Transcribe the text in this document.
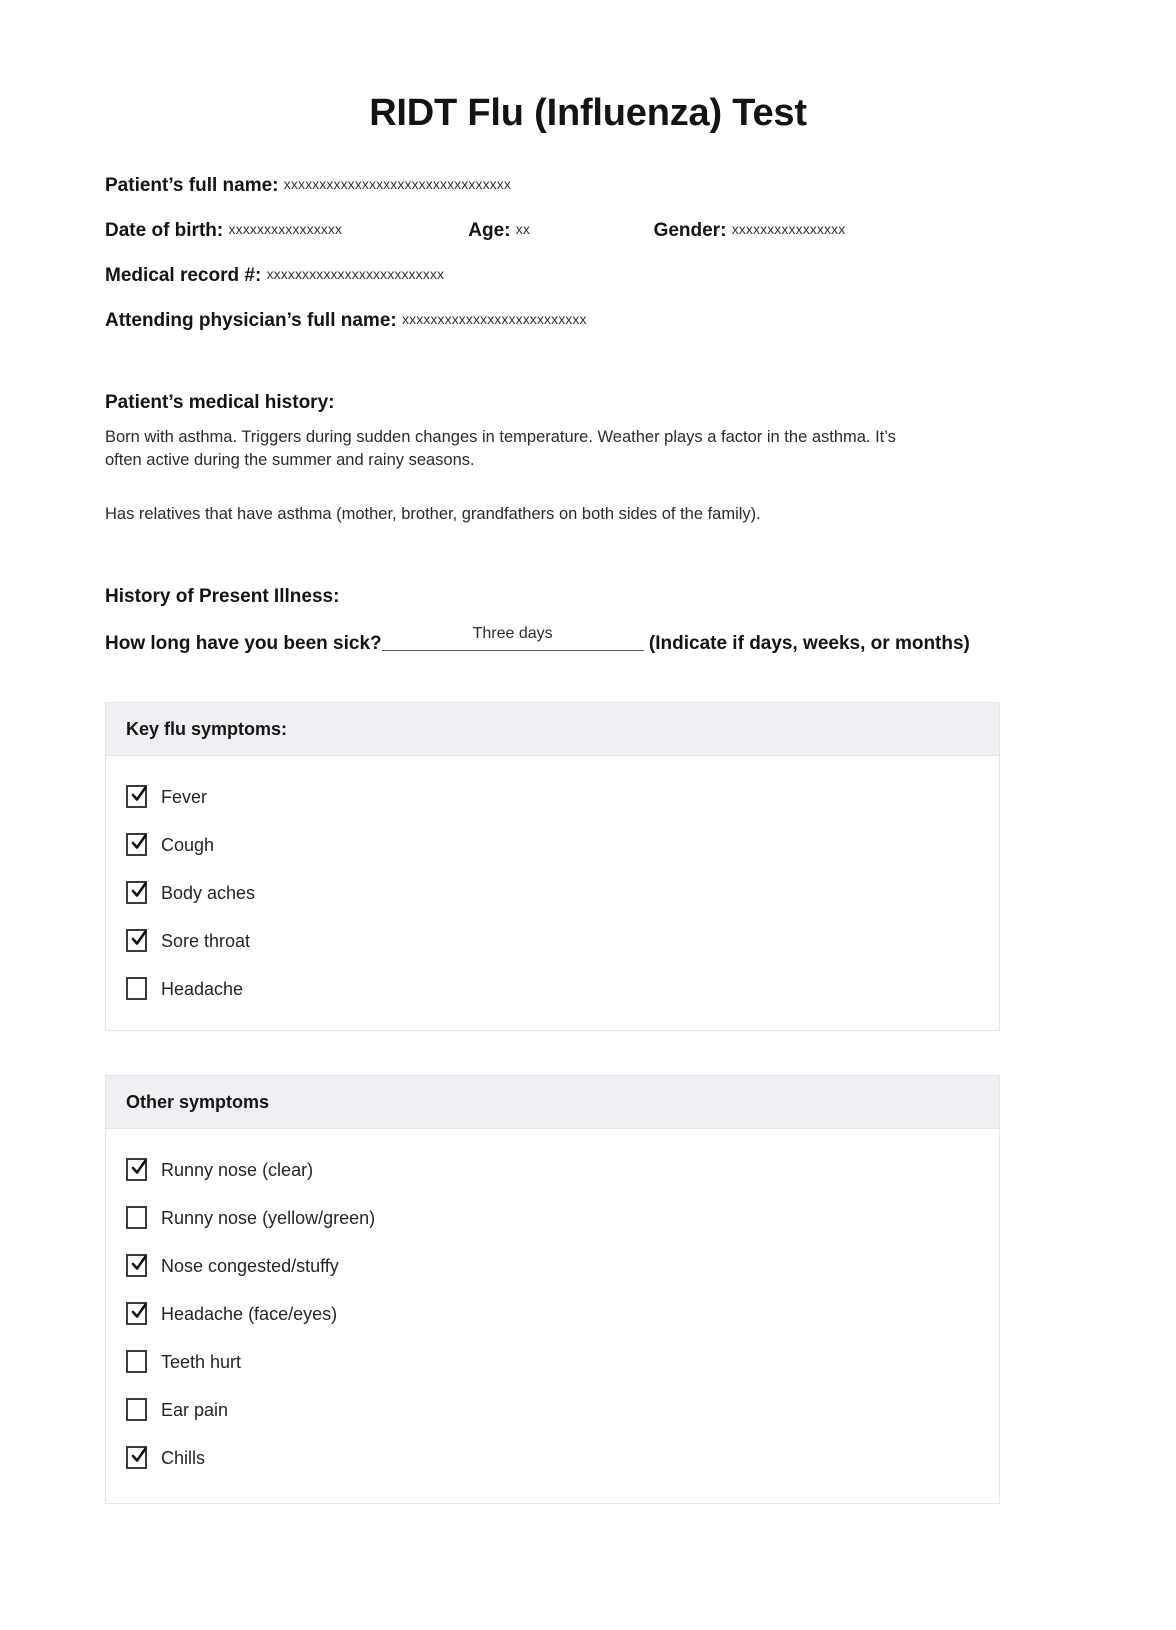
RIDT Flu (Influenza) Test
Patient’s full name: xxxxxxxxxxxxxxxxxxxxxxxxxxxxxxxx
Date of birth: xxxxxxxxxxxxxxxx	Age: xx	Gender: xxxxxxxxxxxxxxxx
Medical record #: xxxxxxxxxxxxxxxxxxxxxxxxx
Attending physician’s full name: xxxxxxxxxxxxxxxxxxxxxxxxxx
Patient’s medical history:

Born with asthma. Triggers during sudden changes in temperature. Weather plays a factor in the asthma. It’s often active during the summer and rainy seasons.

Has relatives that have asthma (mother, brother, grandfathers on both sides of the family).

History of Present Illness:
How long have you been sick?	Three days	(Indicate if days, weeks, or months)
Key flu symptoms:
Fever
Cough
Body aches
Sore throat
Headache
Other symptoms
Runny nose (clear)
Runny nose (yellow/green)
Nose congested/stuffy
Headache (face/eyes)
Teeth hurt
Ear pain
Chills
